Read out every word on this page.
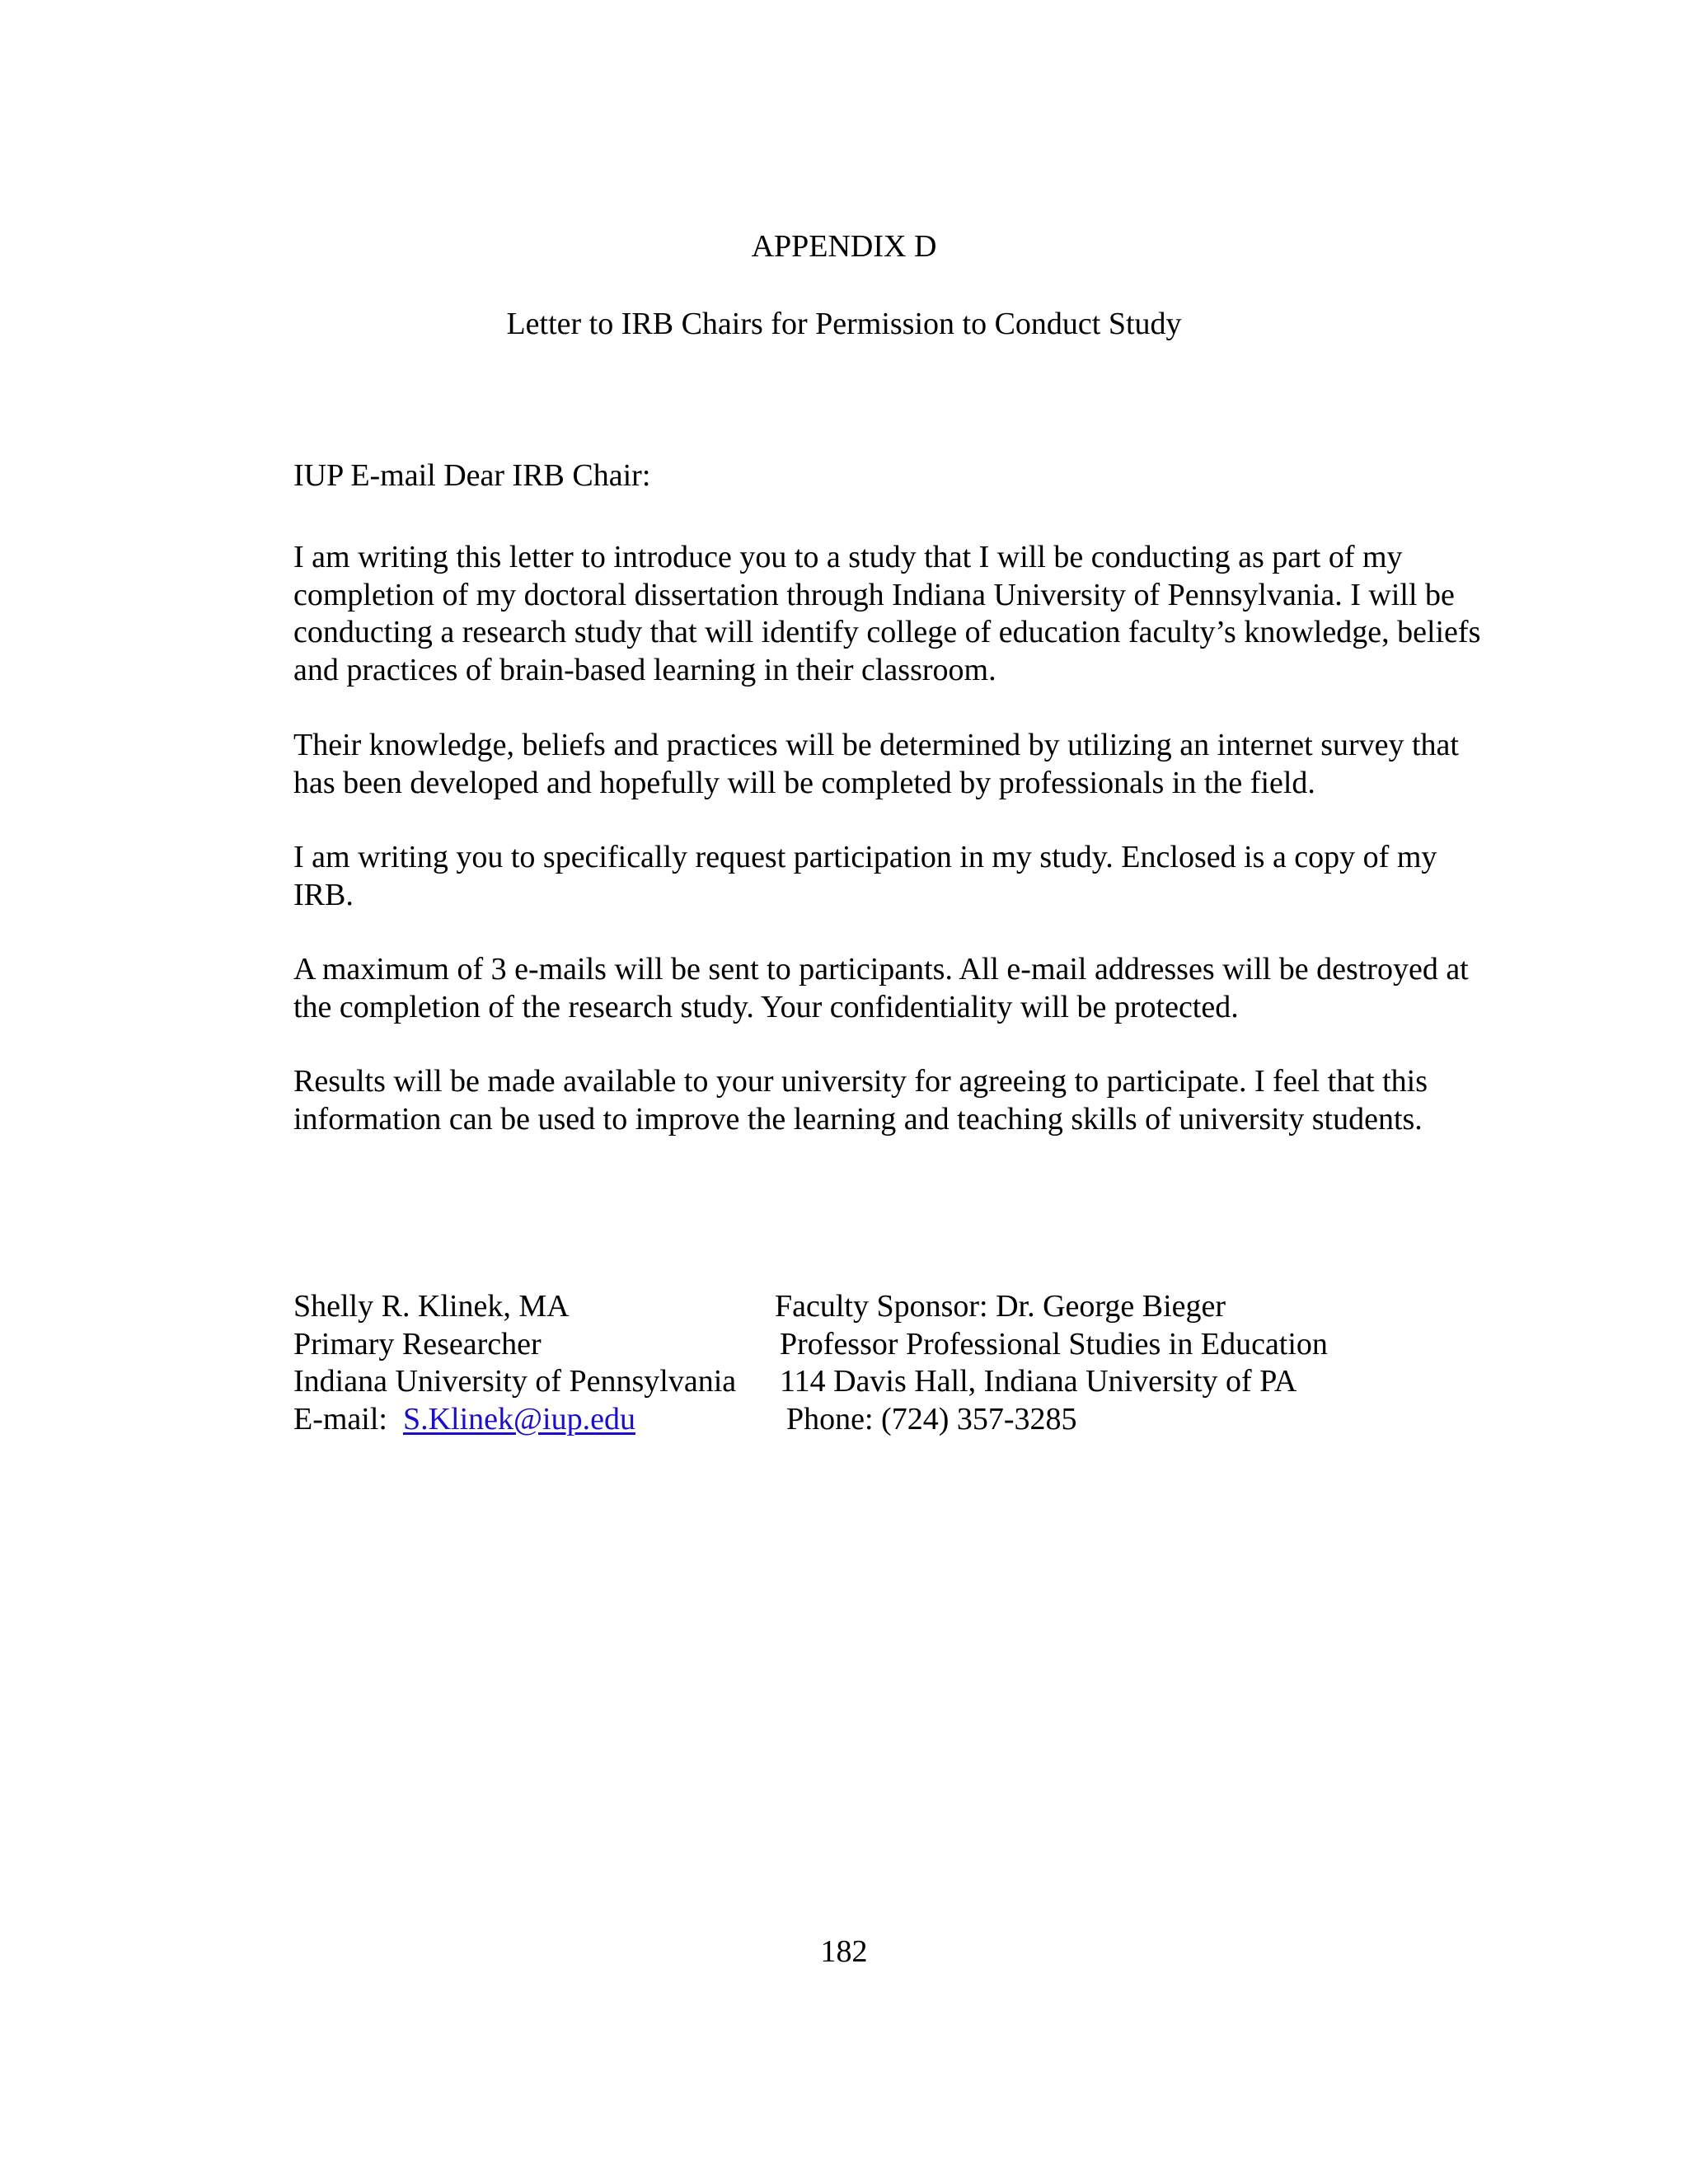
APPENDIX D
Letter to IRB Chairs for Permission to Conduct Study
IUP E-mail Dear IRB Chair:
I am writing this letter to introduce you to a study that I will be conducting as part of my completion of my doctoral dissertation through Indiana University of Pennsylvania. I will be conducting a research study that will identify college of education faculty’s knowledge, beliefs and practices of brain-based learning in their classroom.
Their knowledge, beliefs and practices will be determined by utilizing an internet survey that has been developed and hopefully will be completed by professionals in the field.
I am writing you to specifically request participation in my study. Enclosed is a copy of my IRB.
A maximum of 3 e-mails will be sent to participants. All e-mail addresses will be destroyed at the completion of the research study. Your confidentiality will be protected.
Results will be made available to your university for agreeing to participate. I feel that this information can be used to improve the learning and teaching skills of university students.
Shelly R. Klinek, MA
Primary Researcher
Indiana University of Pennsylvania
E-mail:  S.Klinek@iup.edu
Faculty Sponsor: Dr. George Bieger
Professor Professional Studies in Education
114 Davis Hall, Indiana University of PA
Phone: (724) 357-3285
182
